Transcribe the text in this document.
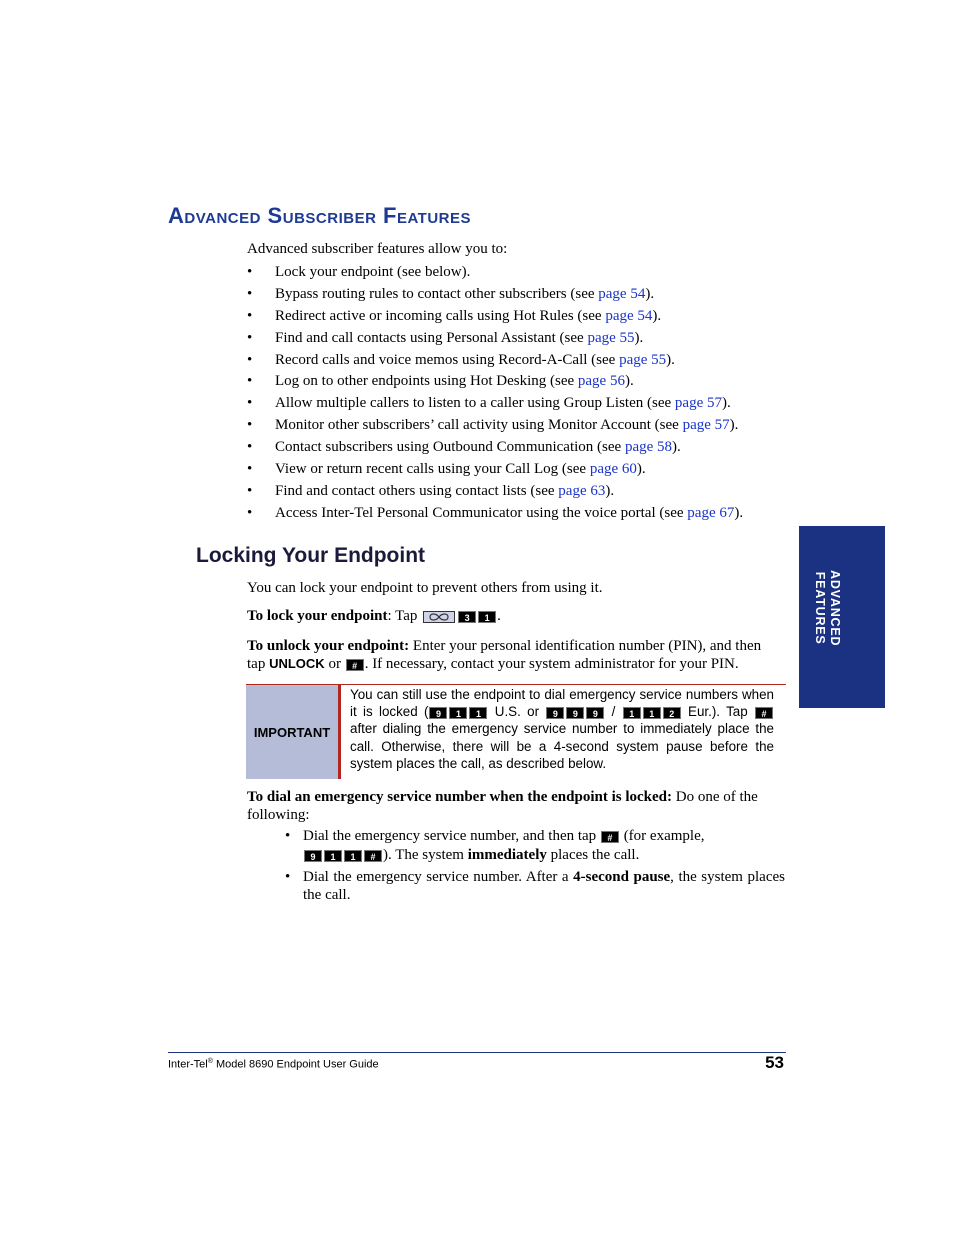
Advanced Subscriber Features
Advanced subscriber features allow you to:
• Lock your endpoint (see below).
• Bypass routing rules to contact other subscribers (see page 54).
• Redirect active or incoming calls using Hot Rules (see page 54).
• Find and call contacts using Personal Assistant (see page 55).
• Record calls and voice memos using Record-A-Call (see page 55).
• Log on to other endpoints using Hot Desking (see page 56).
• Allow multiple callers to listen to a caller using Group Listen (see page 57).
• Monitor other subscribers’ call activity using Monitor Account (see page 57).
• Contact subscribers using Outbound Communication (see page 58).
• View or return recent calls using your Call Log (see page 60).
• Find and contact others using contact lists (see page 63).
• Access Inter-Tel Personal Communicator using the voice portal (see page 67).
Locking Your Endpoint
You can lock your endpoint to prevent others from using it.
To lock your endpoint: Tap	3 1 .
To unlock your endpoint: Enter your personal identification number (PIN), and then
tap UNLOCK or # . If necessary, contact your system administrator for your PIN.
IMPORTANT
You can still use the endpoint to dial emergency service numbers when it is locked ( 9 1 1 U.S. or 9 9 9 / 1 1 2 Eur.). Tap # after dialing the emergency service number to immediately place the call. Otherwise, there will be a 4-second system pause before the system places the call, as described below.
To dial an emergency service number when the endpoint is locked: Do one of the following:
• Dial the emergency service number, and then tap # (for example,
9 1 1 # ). The system immediately places the call.
• Dial the emergency service number. After a 4-second pause, the system places the call.
ADVANCED
FEATURES
Inter-Tel® Model 8690 Endpoint User Guide	53
